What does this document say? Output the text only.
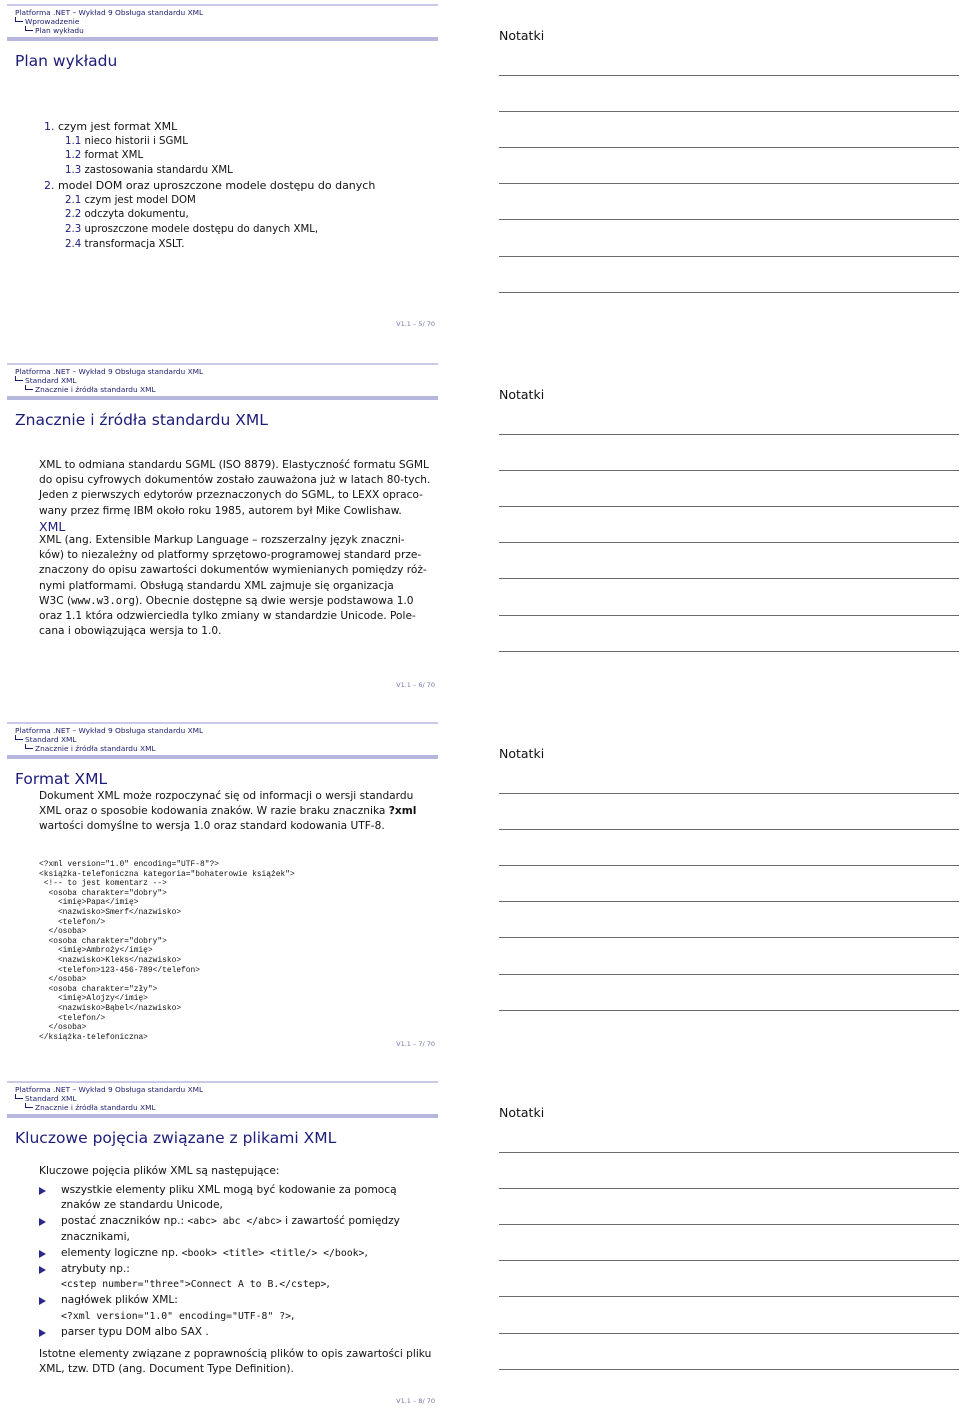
Platforma .NET – Wykład 9 Obsługa standardu XML
Wprowadzenie
Plan wykładu
Plan wykładu
V1.1 – 5/ 70
1. czym jest format XML
1.1 nieco historii i SGML
1.2 format XML
1.3 zastosowania standardu XML
2. model DOM oraz uproszczone modele dostępu do danych
2.1 czym jest model DOM
2.2 odczyta dokumentu,
2.3 uproszczone modele dostępu do danych XML,
2.4 transformacja XSLT.
Notatki
Platforma .NET – Wykład 9 Obsługa standardu XML
Standard XML
Znacznie i źródła standardu XML
Znacznie i źródła standardu XML
V1.1 – 6/ 70
XML to odmiana standardu SGML (ISO 8879). Elastyczność formatu SGML
do opisu cyfrowych dokumentów zostało zauważona już w latach 80-tych.
Jeden z pierwszych edytorów przeznaczonych do SGML, to LEXX opraco-
wany przez firmę IBM około roku 1985, autorem był Mike Cowlishaw.
XML
XML (ang. Extensible Markup Language – rozszerzalny język znaczni-
ków) to niezależny od platformy sprzętowo-programowej standard prze-
znaczony do opisu zawartości dokumentów wymienianych pomiędzy róż-
nymi platformami. Obsługą standardu XML zajmuje się organizacja
W3C (www.w3.org). Obecnie dostępne są dwie wersje podstawowa 1.0
oraz 1.1 która odzwierciedla tylko zmiany w standardzie Unicode. Pole-
cana i obowiązująca wersja to 1.0.
Notatki
Platforma .NET – Wykład 9 Obsługa standardu XML
Standard XML
Znacznie i źródła standardu XML
Format XML
V1.1 – 7/ 70
Dokument XML może rozpoczynać się od informacji o wersji standardu
XML oraz o sposobie kodowania znaków. W razie braku znacznika ?xml
wartości domyślne to wersja 1.0 oraz standard kodowania UTF-8.
<?xml version="1.0" encoding="UTF-8"?>
<książka-telefoniczna kategoria="bohaterowie książek">
<!-- to jest komentarz -->
<osoba charakter="dobry">
<imię>Papa</imię>
<nazwisko>Smerf</nazwisko>
<telefon/>
</osoba>
<osoba charakter="dobry">
<imię>Ambroży</imię>
<nazwisko>Kleks</nazwisko>
<telefon>123-456-789</telefon>
</osoba>
<osoba charakter="zły">
<imię>Alojzy</imię>
<nazwisko>Bąbel</nazwisko>
<telefon/>
</osoba>
</książka-telefoniczna>
Notatki
Platforma .NET – Wykład 9 Obsługa standardu XML
Standard XML
Znacznie i źródła standardu XML
Kluczowe pojęcia związane z plikami XML
V1.1 – 8/ 70
Kluczowe pojęcia plików XML są następujące:
wszystkie elementy pliku XML mogą być kodowanie za pomocą
znaków ze standardu Unicode,
postać znaczników np.: <abc> abc </abc> i zawartość pomiędzy
znacznikami,
elementy logiczne np. <book> <title> <title/> </book>,
atrybuty np.:
<cstep number="three">Connect A to B.</cstep>,
nagłówek plików XML:
<?xml version="1.0" encoding="UTF-8" ?>,
parser typu DOM albo SAX .
Istotne elementy związane z poprawnością plików to opis zawartości pliku
XML, tzw. DTD (ang. Document Type Definition).
Notatki
